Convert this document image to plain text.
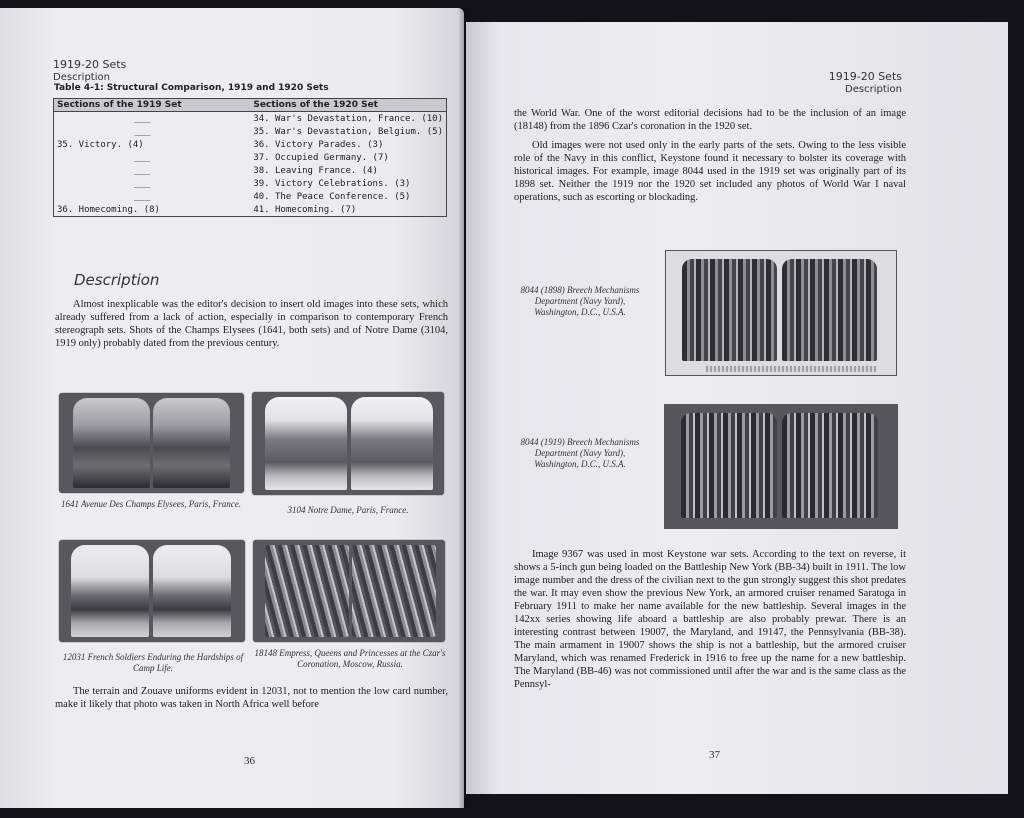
1919-20 Sets
Description
Table 4-1: Structural Comparison, 1919 and 1920 Sets
Sections of the 1919 Set	Sections of the 1920 Set
___	34. War's Devastation, France. (10)
___	35. War's Devastation, Belgium. (5)
35. Victory. (4)	36. Victory Parades. (3)
___	37. Occupied Germany. (7)
___	38. Leaving France. (4)
___	39. Victory Celebrations. (3)
___	40. The Peace Conference. (5)
36. Homecoming. (8)	41. Homecoming. (7)
Description

Almost inexplicable was the editor's decision to insert old images into these sets, which already suffered from a lack of action, especially in comparison to contemporary French stereograph sets. Shots of the Champs Elysees (1641, both sets) and of Notre Dame (3104, 1919 only) probably dated from the previous century.

1641 Avenue Des Champs Elysees, Paris, France.
3104 Notre Dame, Paris, France.
12031 French Soldiers Enduring the Hardships of Camp Life.
18148 Empress, Queens and Princesses at the Czar's Coronation, Moscow, Russia.

The terrain and Zouave uniforms evident in 12031, not to mention the low card number, make it likely that photo was taken in North Africa well before

36
1919-20 Sets
Description

the World War. One of the worst editorial decisions had to be the inclusion of an image (18148) from the 1896 Czar's coronation in the 1920 set.

Old images were not used only in the early parts of the sets. Owing to the less visible role of the Navy in this conflict, Keystone found it necessary to bolster its coverage with historical images. For example, image 8044 used in the 1919 set was originally part of its 1898 set. Neither the 1919 nor the 1920 set included any photos of World War I naval operations, such as escorting or blockading.

8044 (1898) Breech Mechanisms Department (Navy Yard), Washington, D.C., U.S.A.
8044 (1919) Breech Mechanisms Department (Navy Yard), Washington, D.C., U.S.A.

Image 9367 was used in most Keystone war sets. According to the text on reverse, it shows a 5-inch gun being loaded on the Battleship New York (BB-34) built in 1911. The low image number and the dress of the civilian next to the gun strongly suggest this shot predates the war. It may even show the previous New York, an armored cruiser renamed Saratoga in February 1911 to make her name available for the new battleship. Several images in the 142xx series showing life aboard a battleship are also probably prewar. There is an interesting contrast between 19007, the Maryland, and 19147, the Pennsylvania (BB-38). The main armament in 19007 shows the ship is not a battleship, but the armored cruiser Maryland, which was renamed Frederick in 1916 to free up the name for a new battleship. The Maryland (BB-46) was not commissioned until after the war and is the same class as the Pennsyl-

37
